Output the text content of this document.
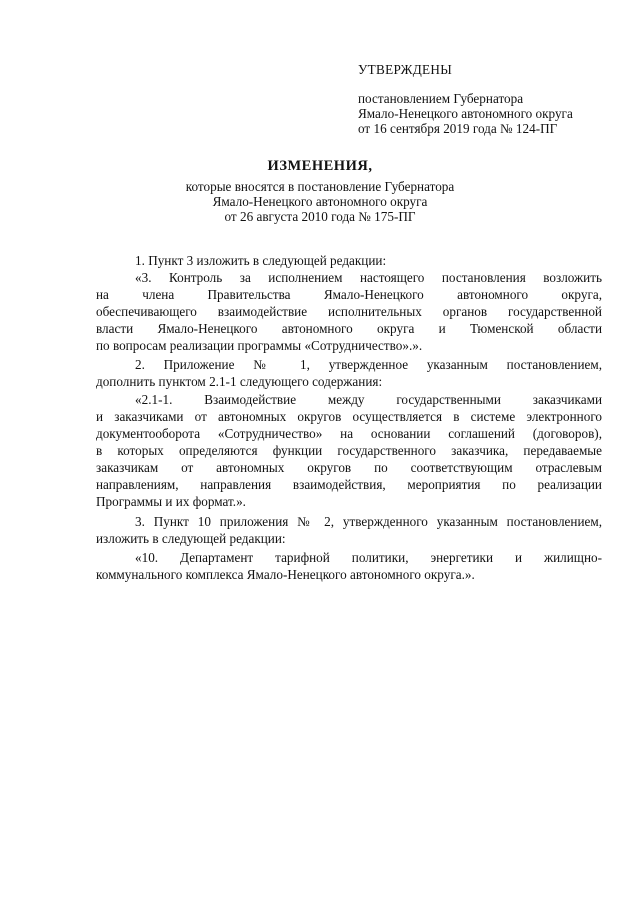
УТВЕРЖДЕНЫ
постановлением Губернатора
Ямало-Ненецкого автономного округа
от 16 сентября 2019 года № 124-ПГ
ИЗМЕНЕНИЯ,
которые вносятся в постановление Губернатора
Ямало-Ненецкого автономного округа
от 26 августа 2010 года № 175-ПГ
1. Пункт 3 изложить в следующей редакции:
«3. Контроль за исполнением настоящего постановления возложить
на члена Правительства Ямало-Ненецкого автономного округа,
обеспечивающего взаимодействие исполнительных органов государственной
власти Ямало-Ненецкого автономного округа и Тюменской области
по вопросам реализации программы «Сотрудничество».».
2. Приложение № 1, утвержденное указанным постановлением,
дополнить пунктом 2.1-1 следующего содержания:
«2.1-1. Взаимодействие между государственными заказчиками
и заказчиками от автономных округов осуществляется в системе электронного
документооборота «Сотрудничество» на основании соглашений (договоров),
в которых определяются функции государственного заказчика, передаваемые
заказчикам от автономных округов по соответствующим отраслевым
направлениям, направления взаимодействия, мероприятия по реализации
Программы и их формат.».
3. Пункт 10 приложения № 2, утвержденного указанным постановлением,
изложить в следующей редакции:
«10. Департамент тарифной политики, энергетики и жилищно-
коммунального комплекса Ямало-Ненецкого автономного округа.».
